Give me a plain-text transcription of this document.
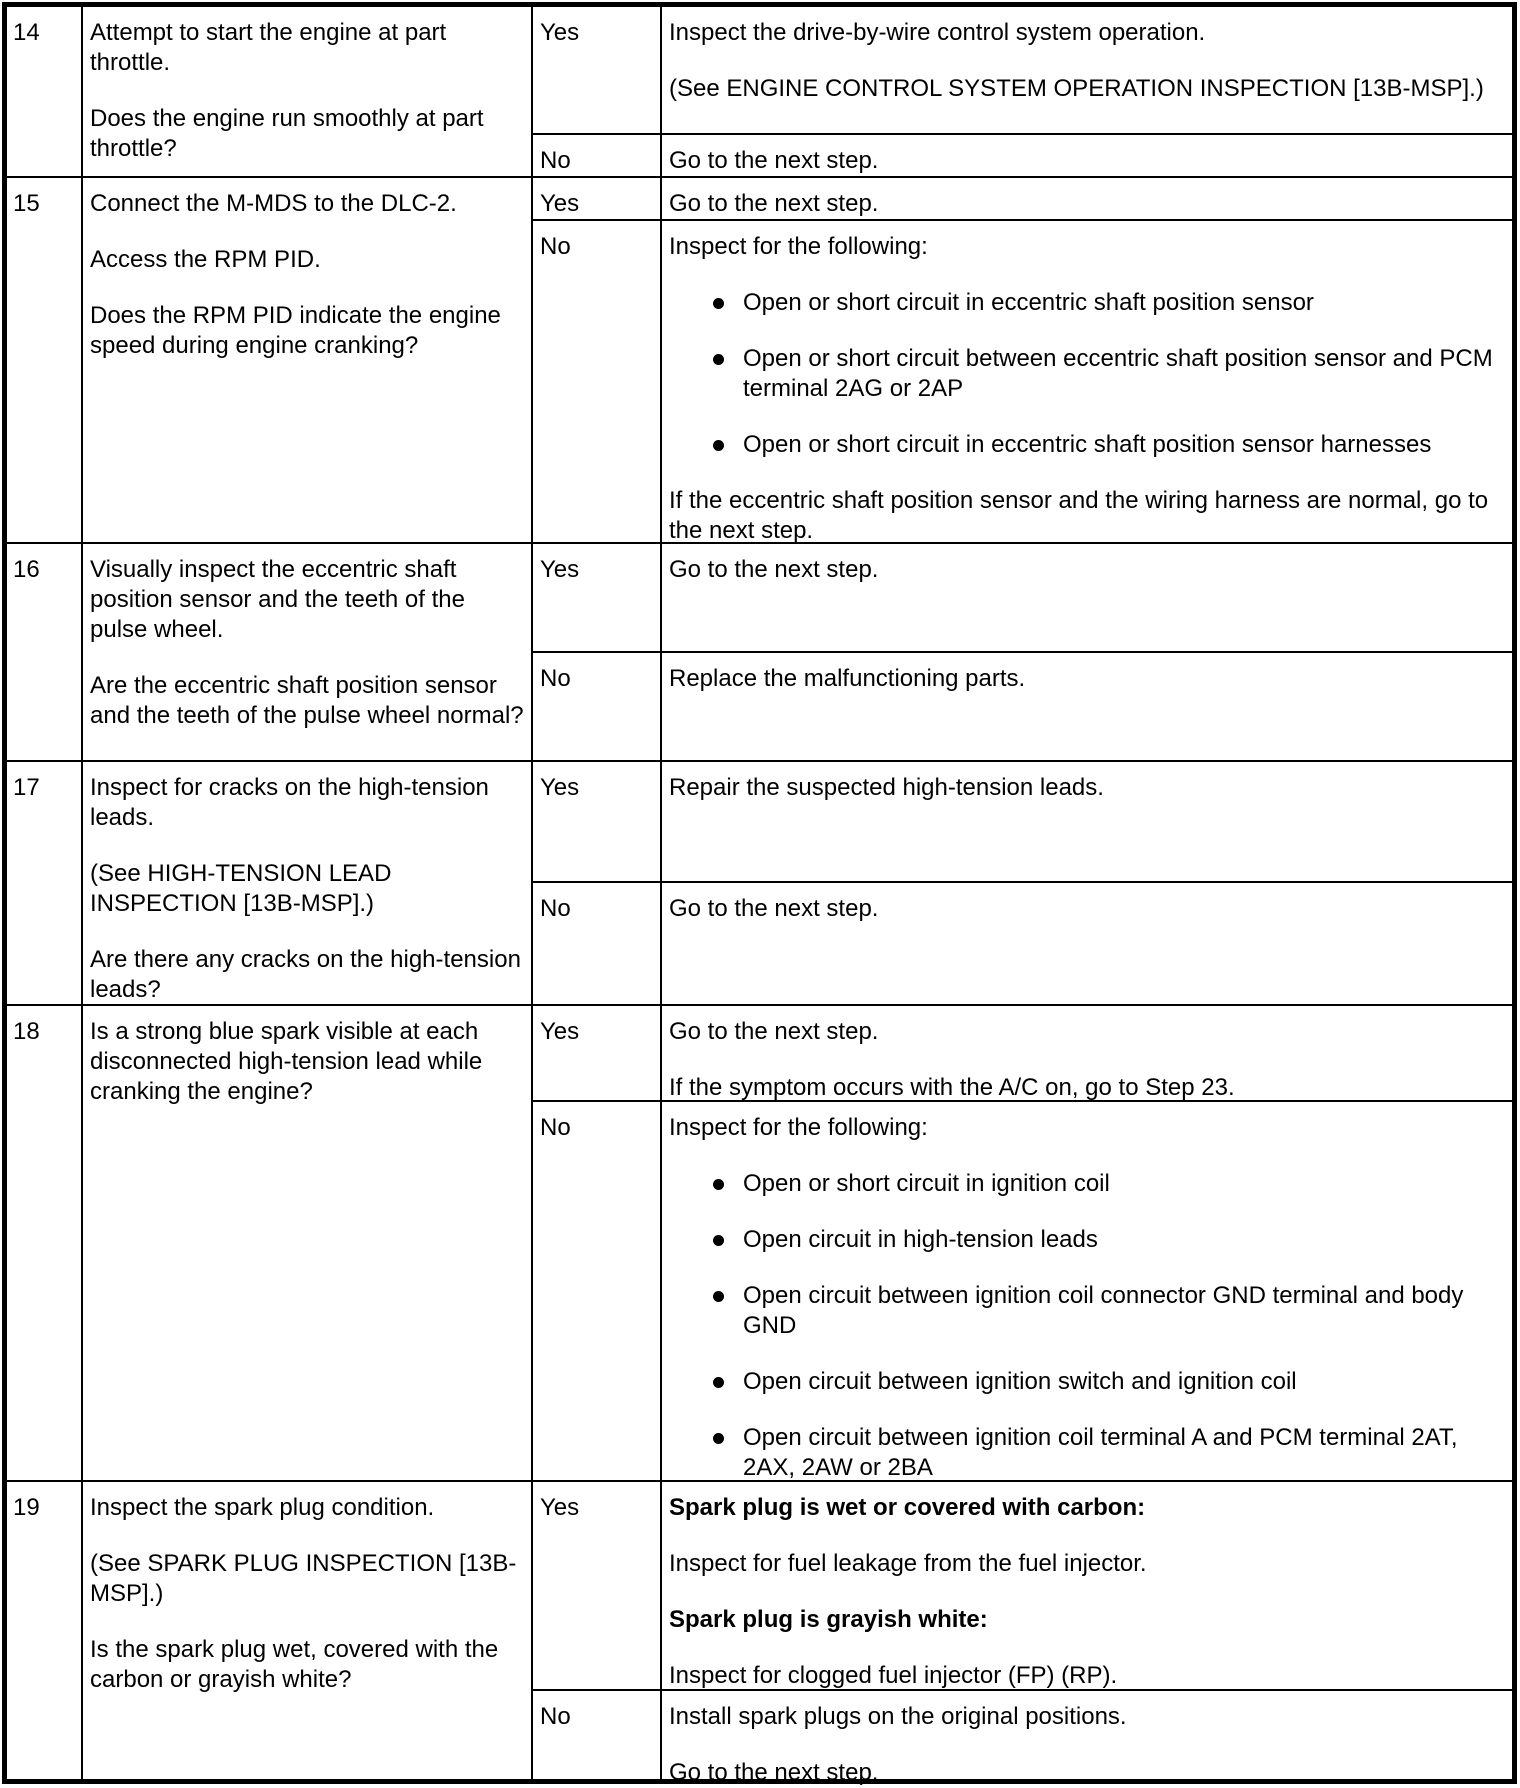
14	Attempt to start the engine at part throttle.

Does the engine run smoothly at part throttle?

Yes	Inspect the drive-by-wire control system operation.

(See ENGINE CONTROL SYSTEM OPERATION INSPECTION [13B-MSP].)

No	Go to the next step.

15	Connect the M-MDS to the DLC-2.

Access the RPM PID.

Does the RPM PID indicate the engine speed during engine cranking?

Yes	Go to the next step.

No	Inspect for the following:

Open or short circuit in eccentric shaft position sensor
Open or short circuit between eccentric shaft position sensor and PCM terminal 2AG or 2AP
Open or short circuit in eccentric shaft position sensor harnesses

If the eccentric shaft position sensor and the wiring harness are normal, go to the next step.

16	Visually inspect the eccentric shaft position sensor and the teeth of the pulse wheel.

Are the eccentric shaft position sensor and the teeth of the pulse wheel normal?

Yes	Go to the next step.

No	Replace the malfunctioning parts.

17	Inspect for cracks on the high-tension leads.

(See HIGH-TENSION LEAD INSPECTION [13B-MSP].)

Are there any cracks on the high-tension leads?

Yes	Repair the suspected high-tension leads.

No	Go to the next step.

18	Is a strong blue spark visible at each disconnected high-tension lead while cranking the engine?

Yes	Go to the next step.

If the symptom occurs with the A/C on, go to Step 23.

No	Inspect for the following:

Open or short circuit in ignition coil
Open circuit in high-tension leads
Open circuit between ignition coil connector GND terminal and body GND
Open circuit between ignition switch and ignition coil
Open circuit between ignition coil terminal A and PCM terminal 2AT, 2AX, 2AW or 2BA
19	Inspect the spark plug condition.

(See SPARK PLUG INSPECTION [13B-MSP].)

Is the spark plug wet, covered with the carbon or grayish white?

Yes	Spark plug is wet or covered with carbon:

Inspect for fuel leakage from the fuel injector.

Spark plug is grayish white:

Inspect for clogged fuel injector (FP) (RP).

No	Install spark plugs on the original positions.

Go to the next step.
